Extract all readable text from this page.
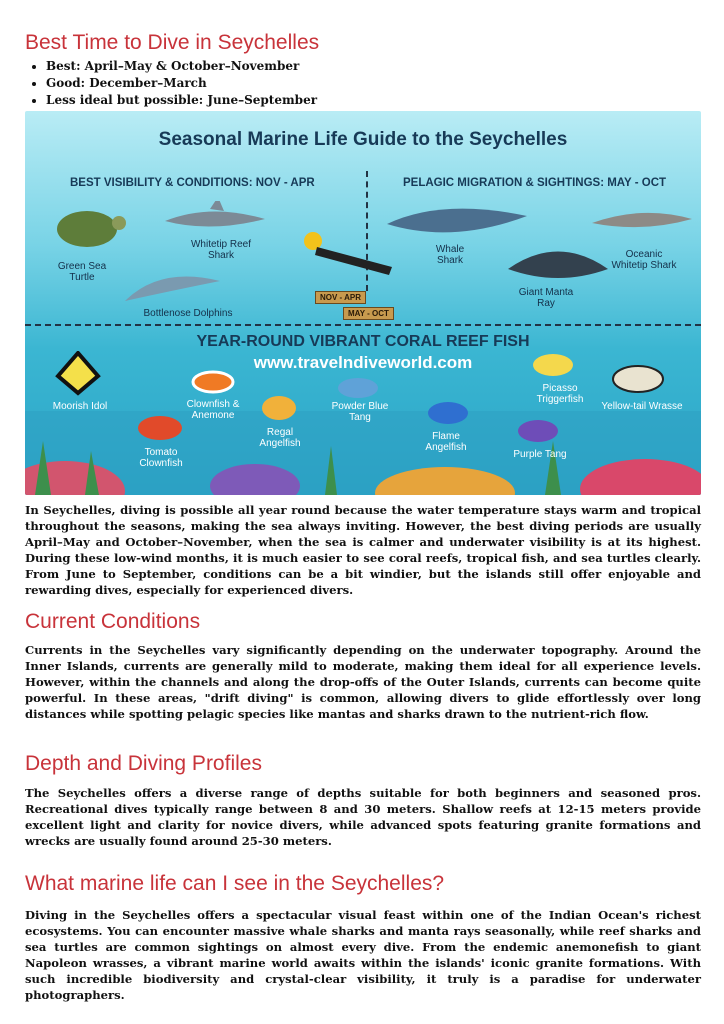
Best Time to Dive in Seychelles
• Best: April–May & October–November
• Good: December–March
• Less ideal but possible: June–September
Seasonal Marine Life Guide to the Seychelles
BEST VISIBILITY & CONDITIONS: NOV - APR	PELAGIC MIGRATION & SIGHTINGS: MAY - OCT
NOV - APR
MAY - OCT
Green Sea Turtle
Whitetip Reef Shark
Bottlenose Dolphins
Whale Shark
Giant Manta Ray
Oceanic Whitetip Shark
YEAR-ROUND VIBRANT CORAL REEF FISH
www.travelndiveworld.com
Moorish Idol	Clownfish & Anemone
Regal Angelfish
Powder Blue Tang
Flame Angelfish
Picasso Triggerfish
Purple Tang
Yellow-tail Wrasse
Tomato Clownfish

In Seychelles, diving is possible all year round because the water temperature stays warm and tropical throughout the seasons, making the sea always inviting. However, the best diving periods are usually April–May and October–November, when the sea is calmer and underwater visibility is at its highest. During these low-wind months, it is much easier to see coral reefs, tropical fish, and sea turtles clearly. From June to September, conditions can be a bit windier, but the islands still offer enjoyable and rewarding dives, especially for experienced divers.

Current Conditions

Currents in the Seychelles vary significantly depending on the underwater topography. Around the Inner Islands, currents are generally mild to moderate, making them ideal for all experience levels. However, within the channels and along the drop-offs of the Outer Islands, currents can become quite powerful. In these areas, "drift diving" is common, allowing divers to glide effortlessly over long distances while spotting pelagic species like mantas and sharks drawn to the nutrient-rich flow.

Depth and Diving Profiles

The Seychelles offers a diverse range of depths suitable for both beginners and seasoned pros. Recreational dives typically range between 8 and 30 meters. Shallow reefs at 12-15 meters provide excellent light and clarity for novice divers, while advanced spots featuring granite formations and wrecks are usually found around 25-30 meters.

What marine life can I see in the Seychelles?

Diving in the Seychelles offers a spectacular visual feast within one of the Indian Ocean's richest ecosystems. You can encounter massive whale sharks and manta rays seasonally, while reef sharks and sea turtles are common sightings on almost every dive. From the endemic anemonefish to giant Napoleon wrasses, a vibrant marine world awaits within the islands' iconic granite formations. With such incredible biodiversity and crystal-clear visibility, it truly is a paradise for underwater photographers.
